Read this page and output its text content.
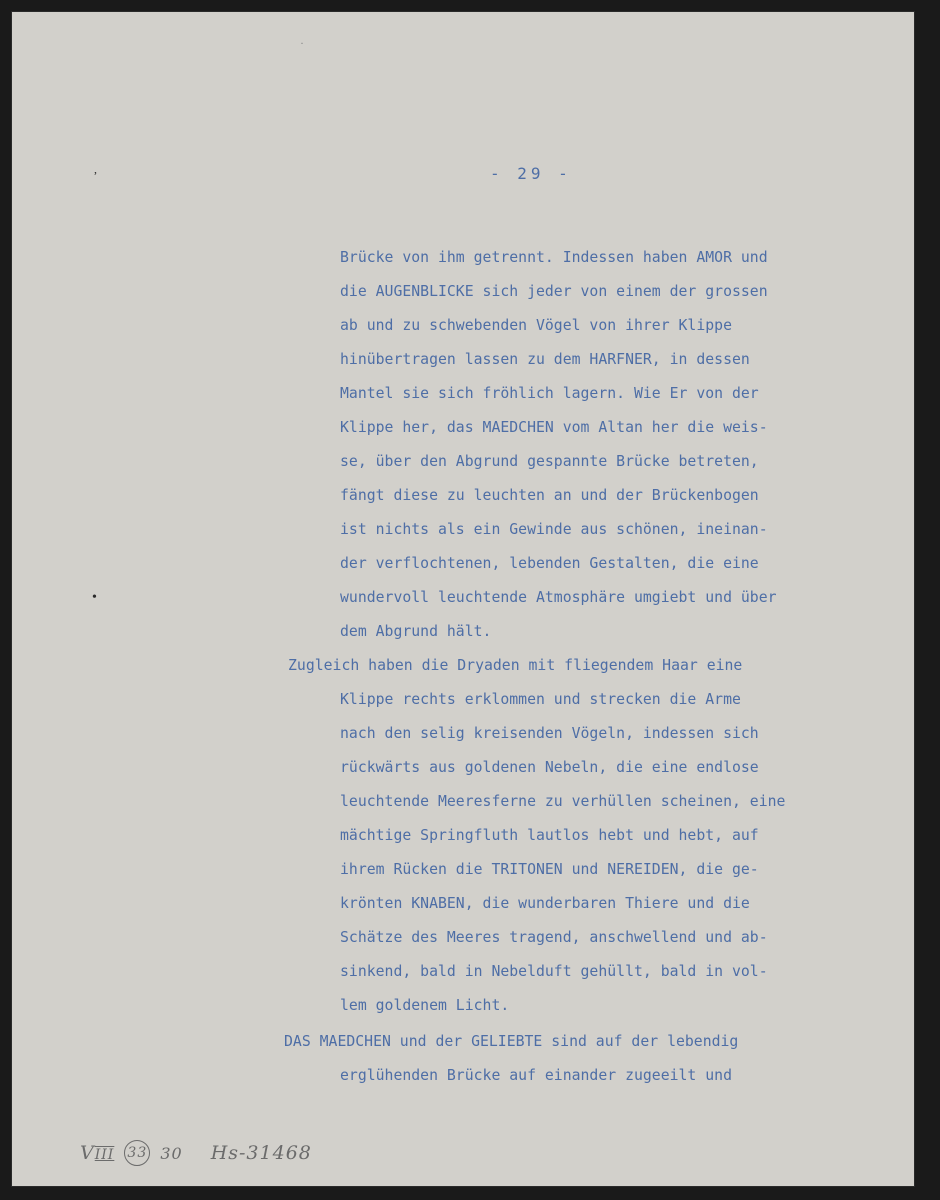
- 29 -
Brücke von ihm getrennt. Indessen haben AMOR und
die AUGENBLICKE sich jeder von einem der grossen
ab und zu schwebenden Vögel von ihrer Klippe
hinübertragen lassen zu dem HARFNER, in dessen
Mantel sie sich fröhlich lagern. Wie Er von der
Klippe her, das MAEDCHEN vom Altan her die weis-
se, über den Abgrund gespannte Brücke betreten,
fängt diese zu leuchten an und der Brückenbogen
ist nichts als ein Gewinde aus schönen, ineinan-
der verflochtenen, lebenden Gestalten, die eine
wundervoll leuchtende Atmosphäre umgiebt und über
dem Abgrund hält.
Zugleich haben die Dryaden mit fliegendem Haar eine
Klippe rechts erklommen und strecken die Arme
nach den selig kreisenden Vögeln, indessen sich
rückwärts aus goldenen Nebeln, die eine endlose
leuchtende Meeresferne zu verhüllen scheinen, eine
mächtige Springfluth lautlos hebt und hebt, auf
ihrem Rücken die TRITONEN und NEREIDEN, die ge-
krönten KNABEN, die wunderbaren Thiere und die
Schätze des Meeres tragend, anschwellend und ab-
sinkend, bald in Nebelduft gehüllt, bald in vol-
lem goldenem Licht.
DAS MAEDCHEN und der GELIEBTE sind auf der lebendig
erglühenden Brücke auf einander zugeeilt und
,
•
·
VIII 33 30 Hs-31468
